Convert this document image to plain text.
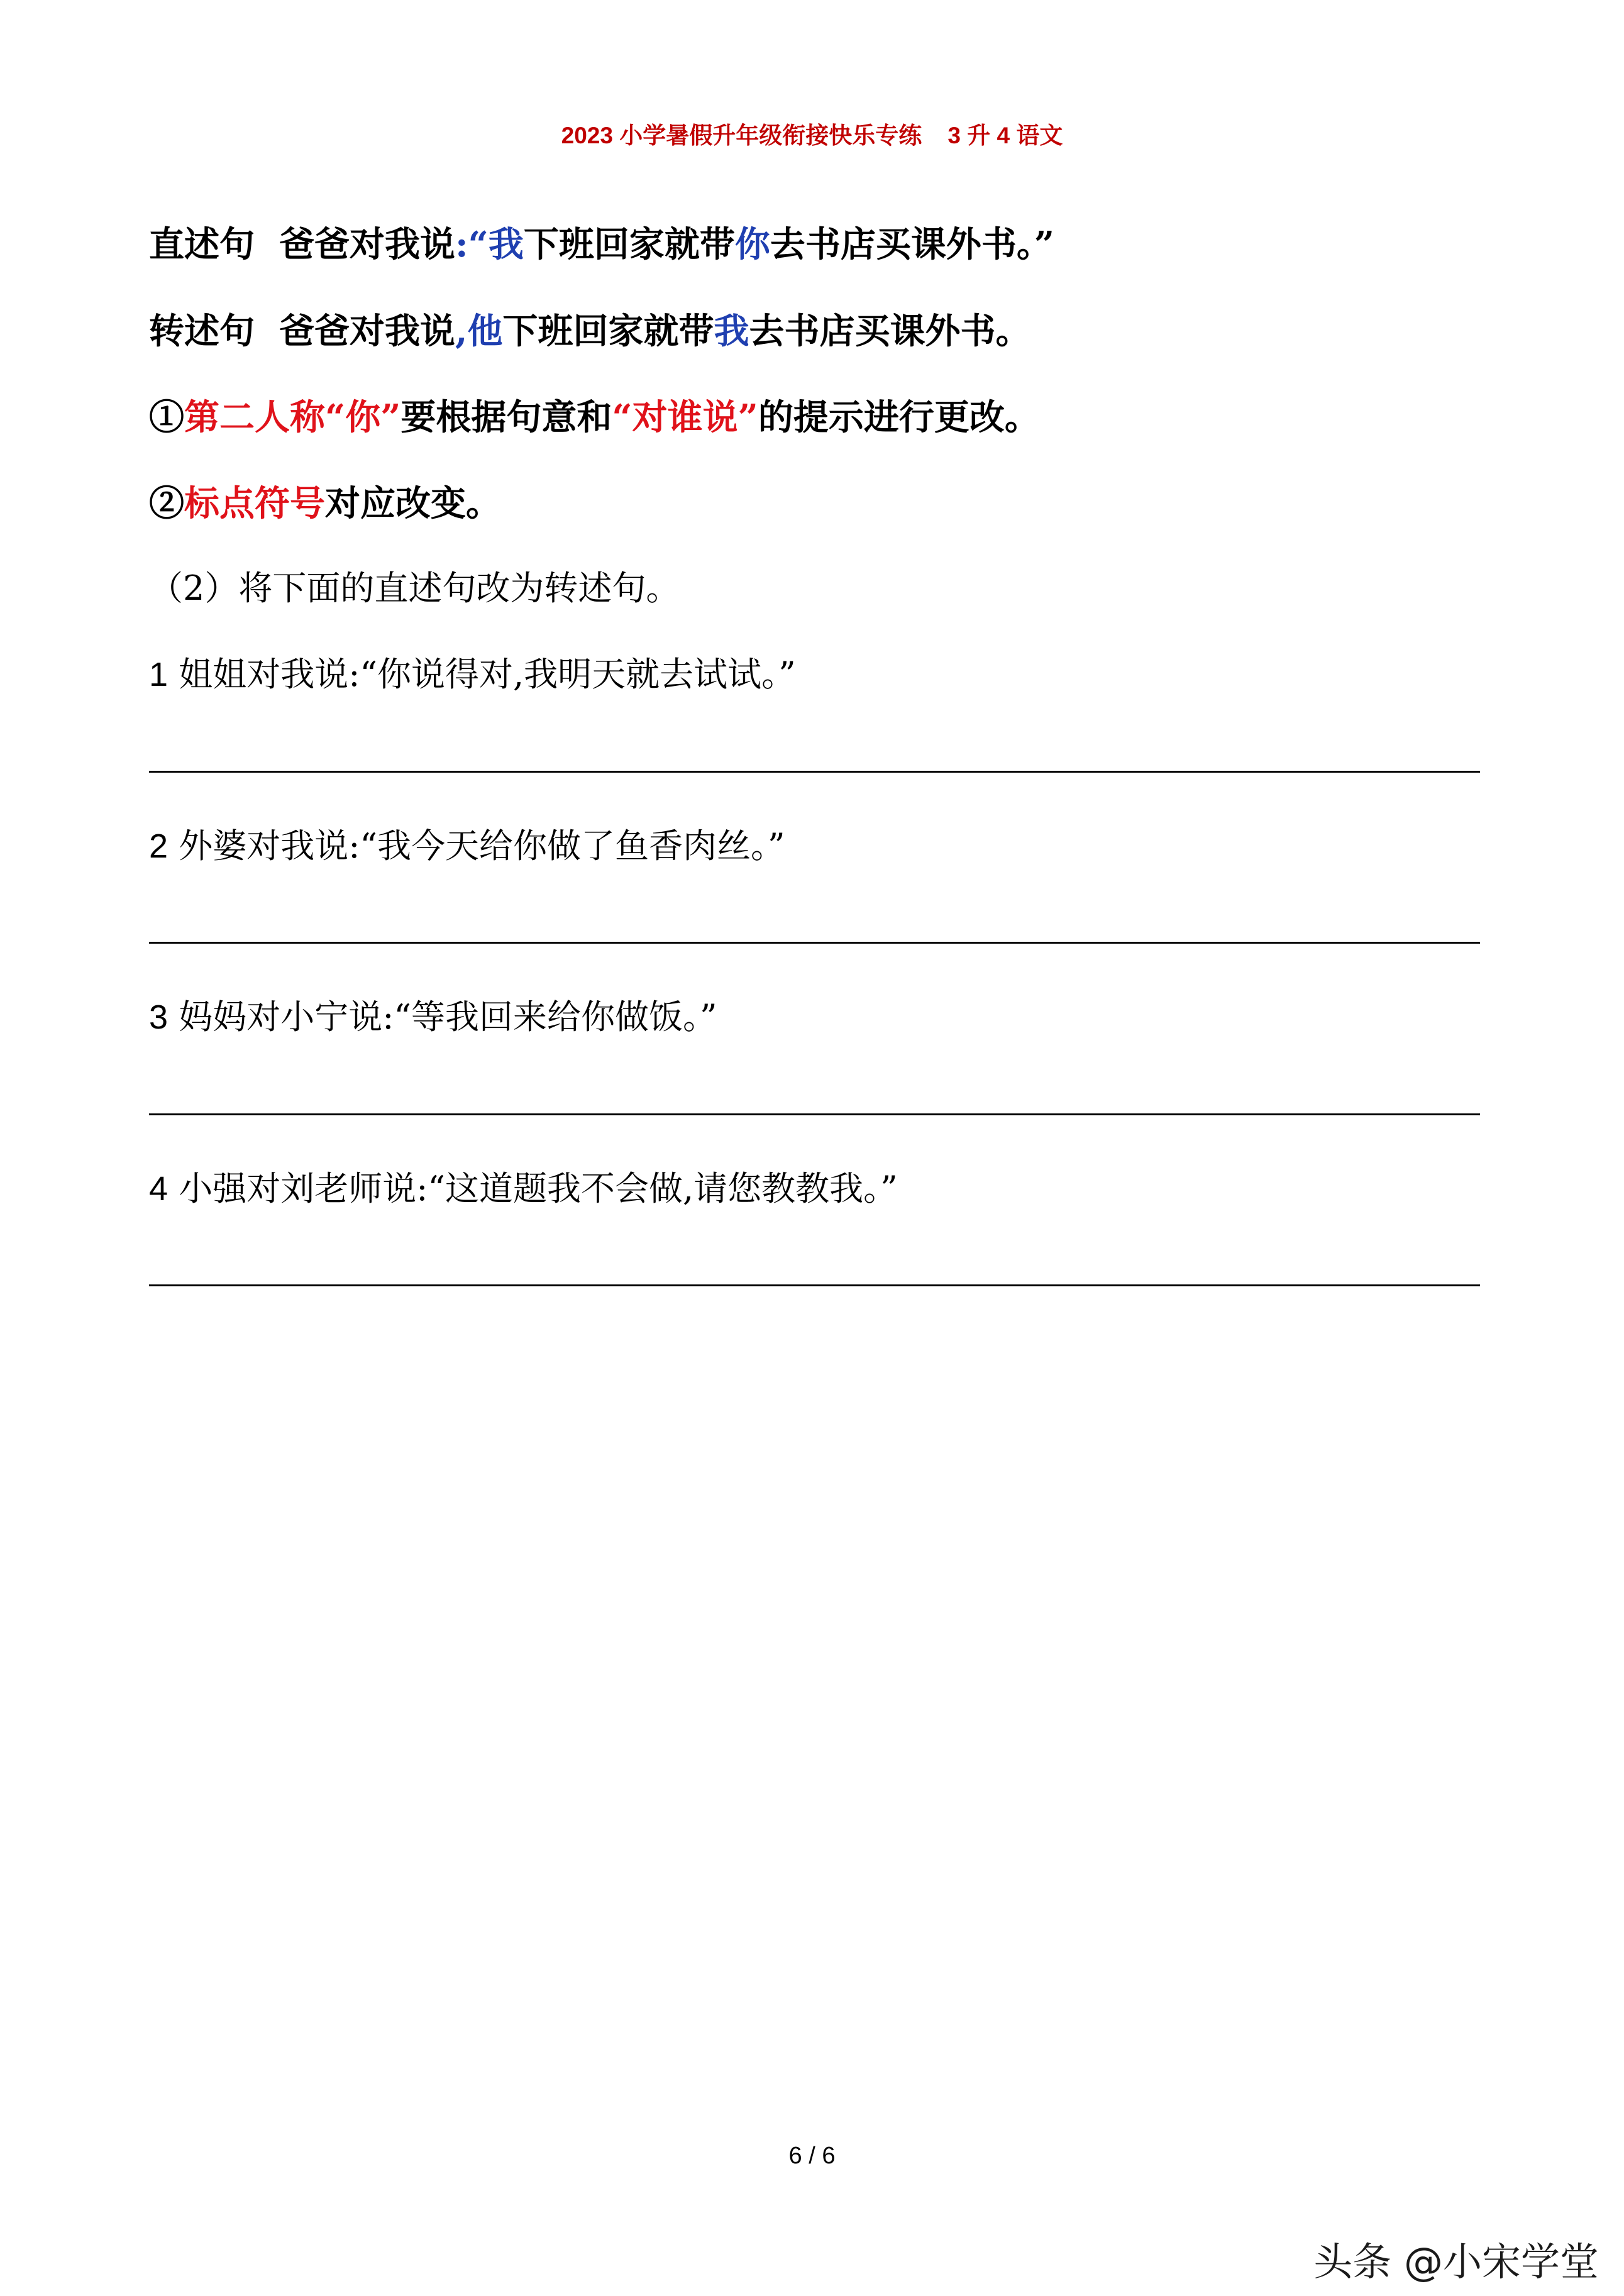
2023 小学暑假升年级衔接快乐专练    3 升 4 语文
直述句 爸爸对我说:“我下班回家就带你去书店买课外书。”
转述句 爸爸对我说,他下班回家就带我去书店买课外书。
①第二人称“你”要根据句意和“对谁说”的提示进行更改。
②标点符号对应改变。
（2）将下面的直述句改为转述句。
1 姐姐对我说:“你说得对,我明天就去试试。”
2 外婆对我说:“我今天给你做了鱼香肉丝。”
3 妈妈对小宁说:“等我回来给你做饭。”
4 小强对刘老师说:“这道题我不会做,请您教教我。”
6 / 6
头条 @小宋学堂
